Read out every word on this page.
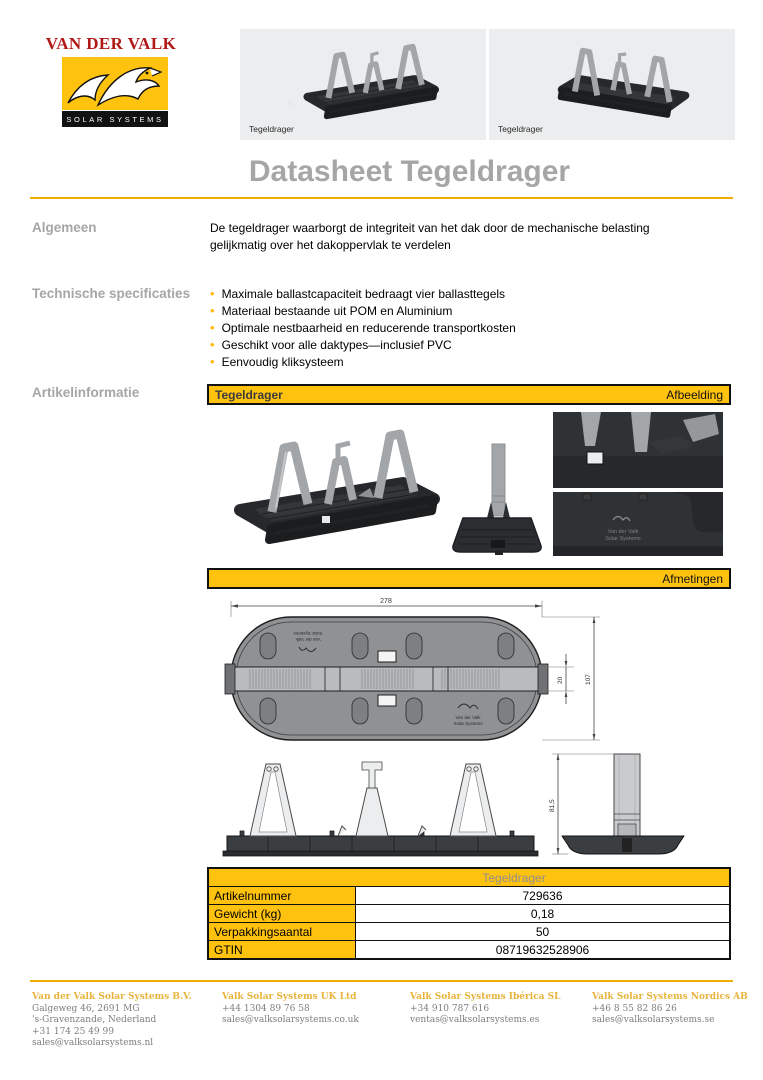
VAN DER VALK
SOLAR SYSTEMS
Tegeldrager	Tegeldrager
Datasheet Tegeldrager
Algemeen	De tegeldrager waarborgt de integriteit van het dak door de mechanische belasting gelijkmatig over het dakoppervlak te verdelen
Technische specificaties • Maximale ballastcapaciteit bedraagt vier ballasttegels
• Materiaal bestaande uit POM en Aluminium
• Optimale nestbaarheid en reducerende transportkosten
• Geschikt voor alle daktypes—inclusief PVC
• Eenvoudig kliksysteem
Artikelinformatie	Tegeldrager	Afbeelding
Van der Valk
Solar Systems
Afmetingen
278
Van der Valk
Solar Systems
Van der Valk
Solar Systems
20	107
81,5
Tegeldrager	
Artikelnummer	729636
Gewicht (kg)	0,18
Verpakkingsaantal	50
GTIN	08719632528906
Van der Valk Solar Systems B.V.
Galgeweg 46, 2691 MG
's-Gravenzande, Nederland
+31 174 25 49 99
sales@valksolarsystems.nl
Valk Solar Systems UK Ltd
+44 1304 89 76 58
sales@valksolarsystems.co.uk
Valk Solar Systems Ibérica SL
+34 910 787 616
ventas@valksolarsystems.es
Valk Solar Systems Nordics AB
+46 8 55 82 86 26
sales@valksolarsystems.se
